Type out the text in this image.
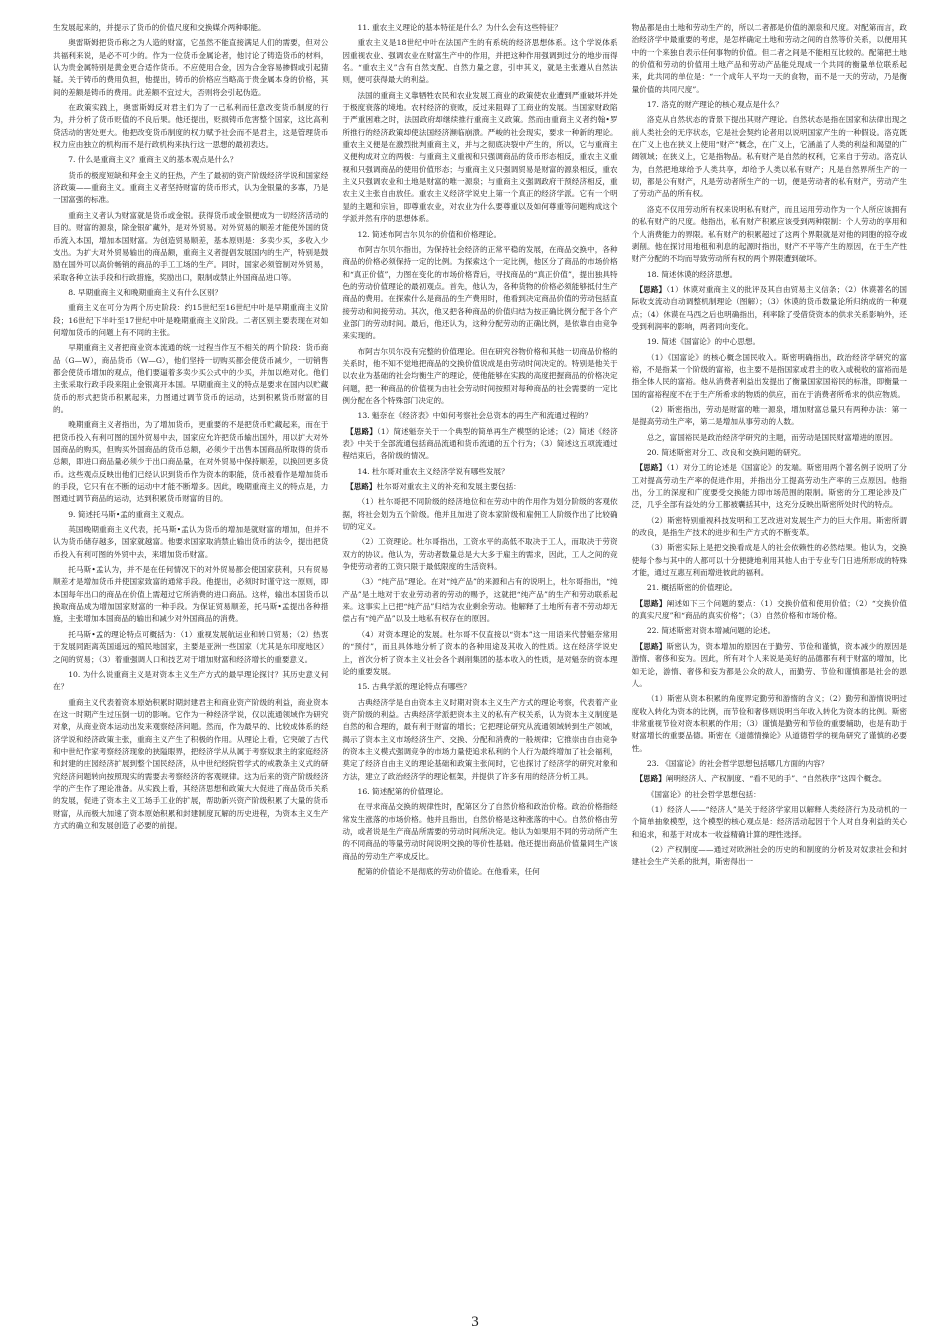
生发展起来的，并提示了货币的价值尺度和交换媒介两种职能。

奥雷斯姆把货币称之为人造的财富，它虽然不能直接满足人们的需要，但对公共福利来说，是必不可少的。作为一位货币金属论者，他讨论了铸造货币的材料，认为贵金属特别是黄金更合适作货币。不应使用合金，因为合金容易掺假或引起猜疑。关于铸币的费用负担，他提出，铸币的价格应当略高于贵金属本身的价格，其间的差额是铸币的费用。此差额不宜过大，否则将会引起伪造。

在政策实践上，奥雷斯姆反对君主们为了一己私利而任意改变货币制度的行为，并分析了货币贬值的不良后果。他还提出，贬损铸币危害整个国家，这比高利贷活动的害处更大。他把改变货币制度的权力赋予社会而不是君主，这是管理货币权力应由独立的机构而不是行政机构来执行这一思想的最初表达。

7. 什么是重商主义？重商主义的基本观点是什么？

货币的极度短缺和拜金主义的狂热，产生了最初的资产阶级经济学说和国家经济政策——重商主义。重商主义者坚持财富的货币形式，认为金银量的多寡，乃是一国富强的标准。

重商主义者认为财富就是货币或金银。获得货币或金银便成为一切经济活动的目的。财富的源泉，除金银矿藏外，是对外贸易。对外贸易的顺差才能使外国的货币流入本国，增加本国财富。为创造贸易顺差，基本原则是：多卖少买，多收入少支出。为扩大对外贸易输出的商品额，重商主义者提倡发展国内的生产，特别是鼓励在国外可以高价畅销的商品的手工工场的生产。同时，国家必须管制对外贸易，采取各种立法手段和行政措施，奖励出口，限制或禁止外国商品进口等。

8. 早期重商主义和晚期重商主义有什么区别？

重商主义在可分为两个历史阶段：约15世纪至16世纪中叶是早期重商主义阶段；16世纪下半叶至17世纪中叶是晚期重商主义阶段。二者区别主要表现在对如何增加货币的问题上有不同的主张。

早期重商主义者把商业资本流通的统一过程当作互不相关的两个阶段：货币商品（G—W），商品货币（W—G），他们坚持一切购买都会使货币减少，一切销售都会使货币增加的观点，他们要逼着多卖少买公式中的少买，并加以绝对化。他们主张采取行政手段来阻止金银离开本国。早期重商主义的特点是要求在国内以贮藏货币的形式把货币积累起来，力图通过调节货币的运动，达到积累货币财富的目的。

晚期重商主义者指出，为了增加货币，更重要的不是把货币贮藏起来，而在于把货币投入有利可图的国外贸易中去，国家应允许把货币输出国外，用以扩大对外国商品的购买，但购买外国商品的货币总额，必须少于出售本国商品所取得的货币总额，即进口商品量必须少于出口商品量，在对外贸易中保持顺差，以换回更多货币。这些观点反映出他们已经认识到货币作为资本的职能，货币被看作是增加货币的手段，它只有在不断的运动中才能不断增多。因此，晚期重商主义的特点是，力图通过调节商品的运动，达到积累货币财富的目的。

9. 简述托马斯•孟的重商主义观点。

英国晚期重商主义代表，托马斯•孟认为货币的增加是就财富的增加，但并不认为货币储存越多，国家就越富。他要求国家取消禁止输出货币的法令，提出把货币投入有利可图的外贸中去，来增加货币财富。

托马斯•孟认为，并不是在任何情况下的对外贸易都会使国家获利，只有贸易顺差才是增加货币并使国家致富的通常手段。他提出，必须时时谨守这一原则，即本国每年出口的商品在价值上需超过它所消费的进口商品。这样，输出本国货币以换取商品成为增加国家财富的一种手段。为保证贸易顺差，托马斯•孟提出各种措施，主张增加本国商品的输出和减少对外国商品的消费。

托马斯•孟的理论特点可概括为：（1）重视发展航运业和转口贸易；（2）热衷于发展同距离英国遥远的殖民地国家，主要是亚洲一些国家（尤其是东印度地区）之间的贸易；（3）着重强调人口和技艺对于增加财富和经济增长的重要意义。

10. 为什么说重商主义是对资本主义生产方式的最早理论探讨？其历史意义何在？

重商主义代表着资本原始积累时期封建君主和商业资产阶级的利益，商业资本在这一时期产生过压倒一切的影响。它作为一种经济学说，仅以流通领域作为研究对象，从商业资本运动出发来观察经济问题。然而，作为最早的、比较成体系的经济学说和经济政策主张，重商主义产生了积极的作用。从理论上看，它突破了古代和中世纪作家考察经济现象的狭隘眼界，把经济学从从属于考察奴隶主的家庭经济和封建的庄园经济扩展到整个国民经济，从中世纪经院哲学式的戒教条主义式的研究经济问题转向按照现实的需要去考察经济的客观规律。这为后来的资产阶级经济学的产生作了理论准备。从实践上看，其经济思想和政策大大促进了商品货币关系的发展，促进了资本主义工场手工业的扩展，帮助新兴资产阶级积累了大量的货币财富，从而极大加速了资本原始积累和封建制度瓦解的历史进程，为资本主义生产方式的确立和发展创造了必要的前提。

11. 重农主义理论的基本特征是什么？为什么会有这些特征？

重农主义是18世纪中叶在法国产生的有系统的经济思想体系。这个学说体系因重视农业、强调农业在财富生产中的作用，并把这种作用强调到过分的地步而得名。“重农主义”含有自然支配、自然力量之意，引申其义，就是主张遵从自然法则，便可获得最大的利益。

法国的重商主义靠牺牲农民和农业发展工商业的政策使农业遭到严重破坏并处于极度衰落的境地。农村经济的衰败，反过来阻碍了工商业的发展。当国家财政陷于严重困难之时，法国政府却继续推行重商主义政策。然而由重商主义者约翰•罗所推行的经济政策却使法国经济濒临崩溃。严峻的社会现实，要求一种新的理论。重农主义便是在激烈批判重商主义，并与之彻底决裂中产生的，所以，它与重商主义便构成对立的两极：与重商主义重视和只强调商品的货币形态相反，重农主义重视和只强调商品的使用价值形态；与重商主义只强调贸易是财富的源泉相反，重农主义只强调农业和土地是财富的唯一源泉；与重商主义强调政府干预经济相反，重农主义主张自由放任。重农主义经济学说史上第一个真正的经济学派。它有一个明显的主题和宗旨，即尊重农业，对农业为什么要尊重以及如何尊重等问题构成这个学派并然有序的思想体系。

12. 简述布阿吉尔贝尔的价值和价格理论。

布阿吉尔贝尔指出，为保持社会经济的正常平稳的发展，在商品交换中，各种商品的价格必须保持一定的比例。为探索这个一定比例，他区分了商品的市场价格和“真正价值”，力图在变化的市场价格背后，寻找商品的“真正价值”，提出独具特色的劳动价值理论的最初观点。首先，他认为，各种货物的价格必须能够抵付生产商品的费用。在探索什么是商品的生产费用时，他看到决定商品价值的劳动包括直接劳动和间接劳动。其次，他又把各种商品的价值归结为按正确比例分配于各个产业部门的劳动时间。最后，他还认为，这种分配劳动的正确比例，是依靠自由竞争来实现的。

布阿吉尔贝尔没有完整的价值理论。但在研究谷物价格和其他一切商品价格的关系时，他不知不觉地把商品的交换价值说成是由劳动时间决定的。特别是他关于以农业为基础的社会均衡生产的理论，使他能够在实践的高度把握商品的价格决定问题，把一种商品的价值视为由社会劳动时间按照对每种商品的社会需要的一定比例分配在各个特殊部门决定的。

13. 魁奈在《经济表》中如何考察社会总资本的再生产和流通过程的？

【思路】（1）简述魁奈关于一个典型的简单再生产模型的论述；（2）简述《经济表》中关于全部流通包括商品流通和货币流通的五个行为；（3）简述这五项流通过程结束后，各阶级的情况。

14. 杜尔哥对重农主义经济学说有哪些发展？

【思路】杜尔哥对重农主义的补充和发展主要包括：

（1）杜尔哥把不同阶级的经济地位和在劳动中的作用作为划分阶级的客观依据，将社会划为五个阶级。他并且加进了资本家阶级和雇佣工人阶级作出了比较确切的定义。

（2）工资理论。杜尔哥指出，工资水平的高低不取决于工人，而取决于劳资双方的协议。他认为，劳动者数量总是大大多于雇主的需求，因此，工人之间的竞争使劳动者的工资只限于最低限度的生活资料。

（3）“纯产品”理论。在对“纯产品”的来源和占有的说明上，杜尔哥指出，“纯产品”是土地对于农业劳动者的劳动的赐予，这就把“纯产品”的生产和劳动联系起来。这事实上已把“纯产品”归结为农业剩余劳动。他解释了土地所有者不劳动却无偿占有“纯产品”以及土地私有权存在的原因。

（4）对资本理论的发展。杜尔哥不仅直接以“资本”这一用语来代替魁奈常用的“预付”，而且具体地分析了资本的各种用途及其收入的性质。这在经济学说史上，首次分析了资本主义社会各个剥削集团的基本收入的性质，是对魁奈的资本理论的重要发展。

15. 古典学派的理论特点有哪些？

古典经济学是自由资本主义时期对资本主义生产方式的理论考察，代表着产业资产阶级的利益。古典经济学派把资本主义的私有产权关系，认为资本主义制度是自然的和合理的，最有利于财富的增长；它把理论研究从流通领域转到生产领域，揭示了资本主义市场经济生产、交换、分配和消费的一般规律；它推崇由自由竞争的资本主义模式强调竞争的市场力量使追求私利的个人行为最终增加了社会福利，莫定了经济自由主义的理论基础和政策主张间时，它也探讨了经济学的研究对象和方法，建立了政治经济学的理论框架，并提供了许多有用的经济分析工具。

16. 简述配第的价值理论。

在寻求商品交换的规律性时，配第区分了自然价格和政治价格。政治价格指经常发生涨落的市场价格。他并且指出，自然价格是这种涨落的中心。自然价格由劳动，或者说是生产商品所需要的劳动时间所决定。他认为如果用不同的劳动所产生的不同商品的等量劳动时间说明交换的等价性基础。他还提出商品价值量同生产该商品的劳动生产率成反比。

配第的价值论不是彻底的劳动价值论。在他看来，任何

物品都是由土地和劳动生产的，所以二者都是价值的源泉和尺度。对配第而言，政治经济学中最重要的考虑，是怎样确定土地和劳动之间的自然等价关系，以便用其中的一个来独自表示任何事物的价值。但二者之间是不能相互比较的。配第把土地的价值和劳动的价值用土地产品和劳动产品能兑现成一个共同的衡量单位联系起来，此共同的单位是：“一个成年人平均一天的食物，而不是一天的劳动，乃是衡量价值的共同尺度”。

17. 洛克的财产理论的核心观点是什么？

洛克从自然状态的背景下提出其财产理论。自然状态是指在国家和法律出现之前人类社会的无序状态，它是社会契约论者用以说明国家产生的一种假设。洛克既在广义上也在狭义上使用“财产”概念，在广义上，它涵盖了人类的利益和渴望的广阔领域；在狭义上，它是指物品。私有财产是自然的权利，它来自于劳动。洛克认为，自然把地球给予人类共享，却给予人类以私有财产；凡是自然界所生产的一切，都是公有财产，凡是劳动者所生产的一切，便是劳动者的私有财产，劳动产生了劳动产品的所有权。

洛克不仅用劳动所有权来说明私有财产，而且运用劳动作为一个人所应该拥有的私有财产的尺度。他指出，私有财产积累应该受到两种限制：个人劳动的享用和个人消费能力的界限。私有财产的积累超过了这两个界限就是对他的同胞的掠夺或剥削。他在探讨用地租和利息的起源时指出，财产不平等产生的原因，在于生产性财产分配的不均而导致劳动所有权的两个界限遭到破坏。

18. 简述休谟的经济思想。

【思路】（1）休谟对重商主义的批评及其自由贸易主义信条；（2）休谟著名的国际收支流动自动调整机制理论（图解）；（3）休谟的货币数量论所归纳成的一种观点；（4）休谟在马西之后也明确指出，利率除了受借贷资本的供求关系影响外，还受到利润率的影响，两者同向变化。

19. 简述《国富论》的中心思想。

（1）《国富论》的核心概念国民收入。斯密明确指出，政治经济学研究的富裕，不是指某一个阶级的富裕，也主要不是指国家或君主的收入或税收的富裕而是指全体人民的富裕。他从消费者利益出发提出了衡量国家国裕民的标准，即衡量一国的富裕程度不在于生产所希求的物质的供应，而在于消费者所希求的供应物质。

（2）斯密指出，劳动是财富的唯一源泉，增加财富总量只有两种办法：第一是提高劳动生产率，第二是增加从事劳动的人数。

总之，富国裕民是政治经济学研究的主题，而劳动是国民财富增进的原因。

20. 简述斯密对分工、改良和交换问题的研究。

【思路】（1）对分工的论述是《国富论》的发端。斯密用两个著名例子说明了分工对提高劳动生产率的促进作用，并指出分工提高劳动生产率的三点原因。他指出，分工的深度和广度要受交换能力即市场范围的限制。斯密的分工理论涉及广泛，几乎全部有益处的分工都被囊括其中，这充分反映出斯密所处时代的特点。

（2）斯密特别重视科技发明和工艺改进对发展生产力的巨大作用。斯密所谓的改良，是指生产技术的进步和生产方式的不断变革。

（3）斯密实际上是把交换看成是人的社会依赖性的必然结果。他认为，交换使每个参与其中的人都可以十分便捷地利用其他人由于专业专门日进所形成的特殊才能，通过互惠互利而增进彼此的福利。

21. 概括斯密的价值理论。

【思路】阐述如下三个问题的要点：（1）交换价值和使用价值；（2）“交换价值的真实尺度”和“商品的真实价格”；（3）自然价格和市场价格。

22. 简述斯密对资本增减问题的论述。

【思路】斯密认为，资本增加的原因在于勤劳、节俭和谨慎，资本减少的原因是游惰、奢侈和妄为。因此，所有对个人来说是美好的品德都有利于财富的增加，比如无论，游惰、奢侈和妄为都是公众的敌人，而勤劳、节俭和谨慎都是社会的恩人。

（1）斯密从资本积累的角度界定勤劳和游惰的含义；（2）勤劳和游惰说明过度收入转化为资本的比例，而节俭和奢侈则说明当年收入转化为资本的比例。斯密非常重视节俭对资本积累的作用；（3）谨慎是勤劳和节俭的重要辅助，也是有助于财富增长的重要品德。斯密在《道德情操论》从道德哲学的视角研究了谨慎的必要性。

23. 《国富论》的社会哲学思想包括哪几方面的内容？

【思路】阐明经济人、产权制度、“看不见的手”、“自然秩序”这四个概念。

《国富论》的社会哲学思想包括：

（1）经济人——“经济人”是关于经济学家用以解释人类经济行为及动机的一个简单抽象模型，这个模型的核心观点是：经济活动起因于个人对自身利益的关心和追求，和基于对成本一收益精确计算的理性选择。

（2）产权制度——通过对欧洲社会的历史的和制度的分析及对奴隶社会和封建社会生产关系的批判，斯密得出一

3
